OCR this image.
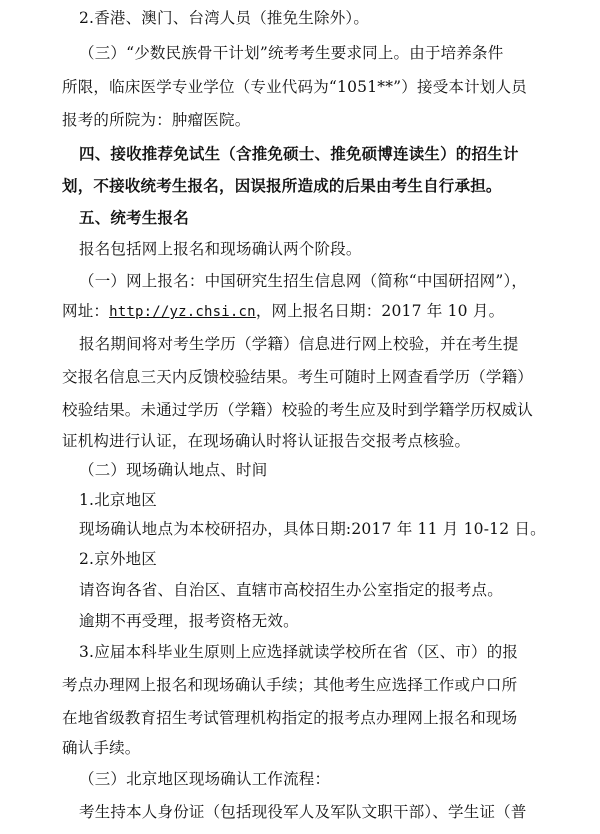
2.香港、澳门、台湾人员（推免生除外）。
（三）“少数民族骨干计划”统考考生要求同上。由于培养条件
所限，临床医学专业学位（专业代码为“1051**”）接受本计划人员
报考的所院为：肿瘤医院。
四、接收推荐免试生（含推免硕士、推免硕博连读生）的招生计
划，不接收统考生报名，因误报所造成的后果由考生自行承担。
五、统考生报名
报名包括网上报名和现场确认两个阶段。
（一）网上报名：中国研究生招生信息网（简称“中国研招网”），
网址：http://yz.chsi.cn，网上报名日期：2017 年 10 月。
报名期间将对考生学历（学籍）信息进行网上校验，并在考生提
交报名信息三天内反馈校验结果。考生可随时上网查看学历（学籍）
校验结果。未通过学历（学籍）校验的考生应及时到学籍学历权威认
证机构进行认证，在现场确认时将认证报告交报考点核验。
（二）现场确认地点、时间
1.北京地区
现场确认地点为本校研招办，具体日期:2017 年 11 月 10-12 日。
2.京外地区
请咨询各省、自治区、直辖市高校招生办公室指定的报考点。
逾期不再受理，报考资格无效。
3.应届本科毕业生原则上应选择就读学校所在省（区、市）的报
考点办理网上报名和现场确认手续；其他考生应选择工作或户口所
在地省级教育招生考试管理机构指定的报考点办理网上报名和现场
确认手续。
（三）北京地区现场确认工作流程：
考生持本人身份证（包括现役军人及军队文职干部）、学生证（普
